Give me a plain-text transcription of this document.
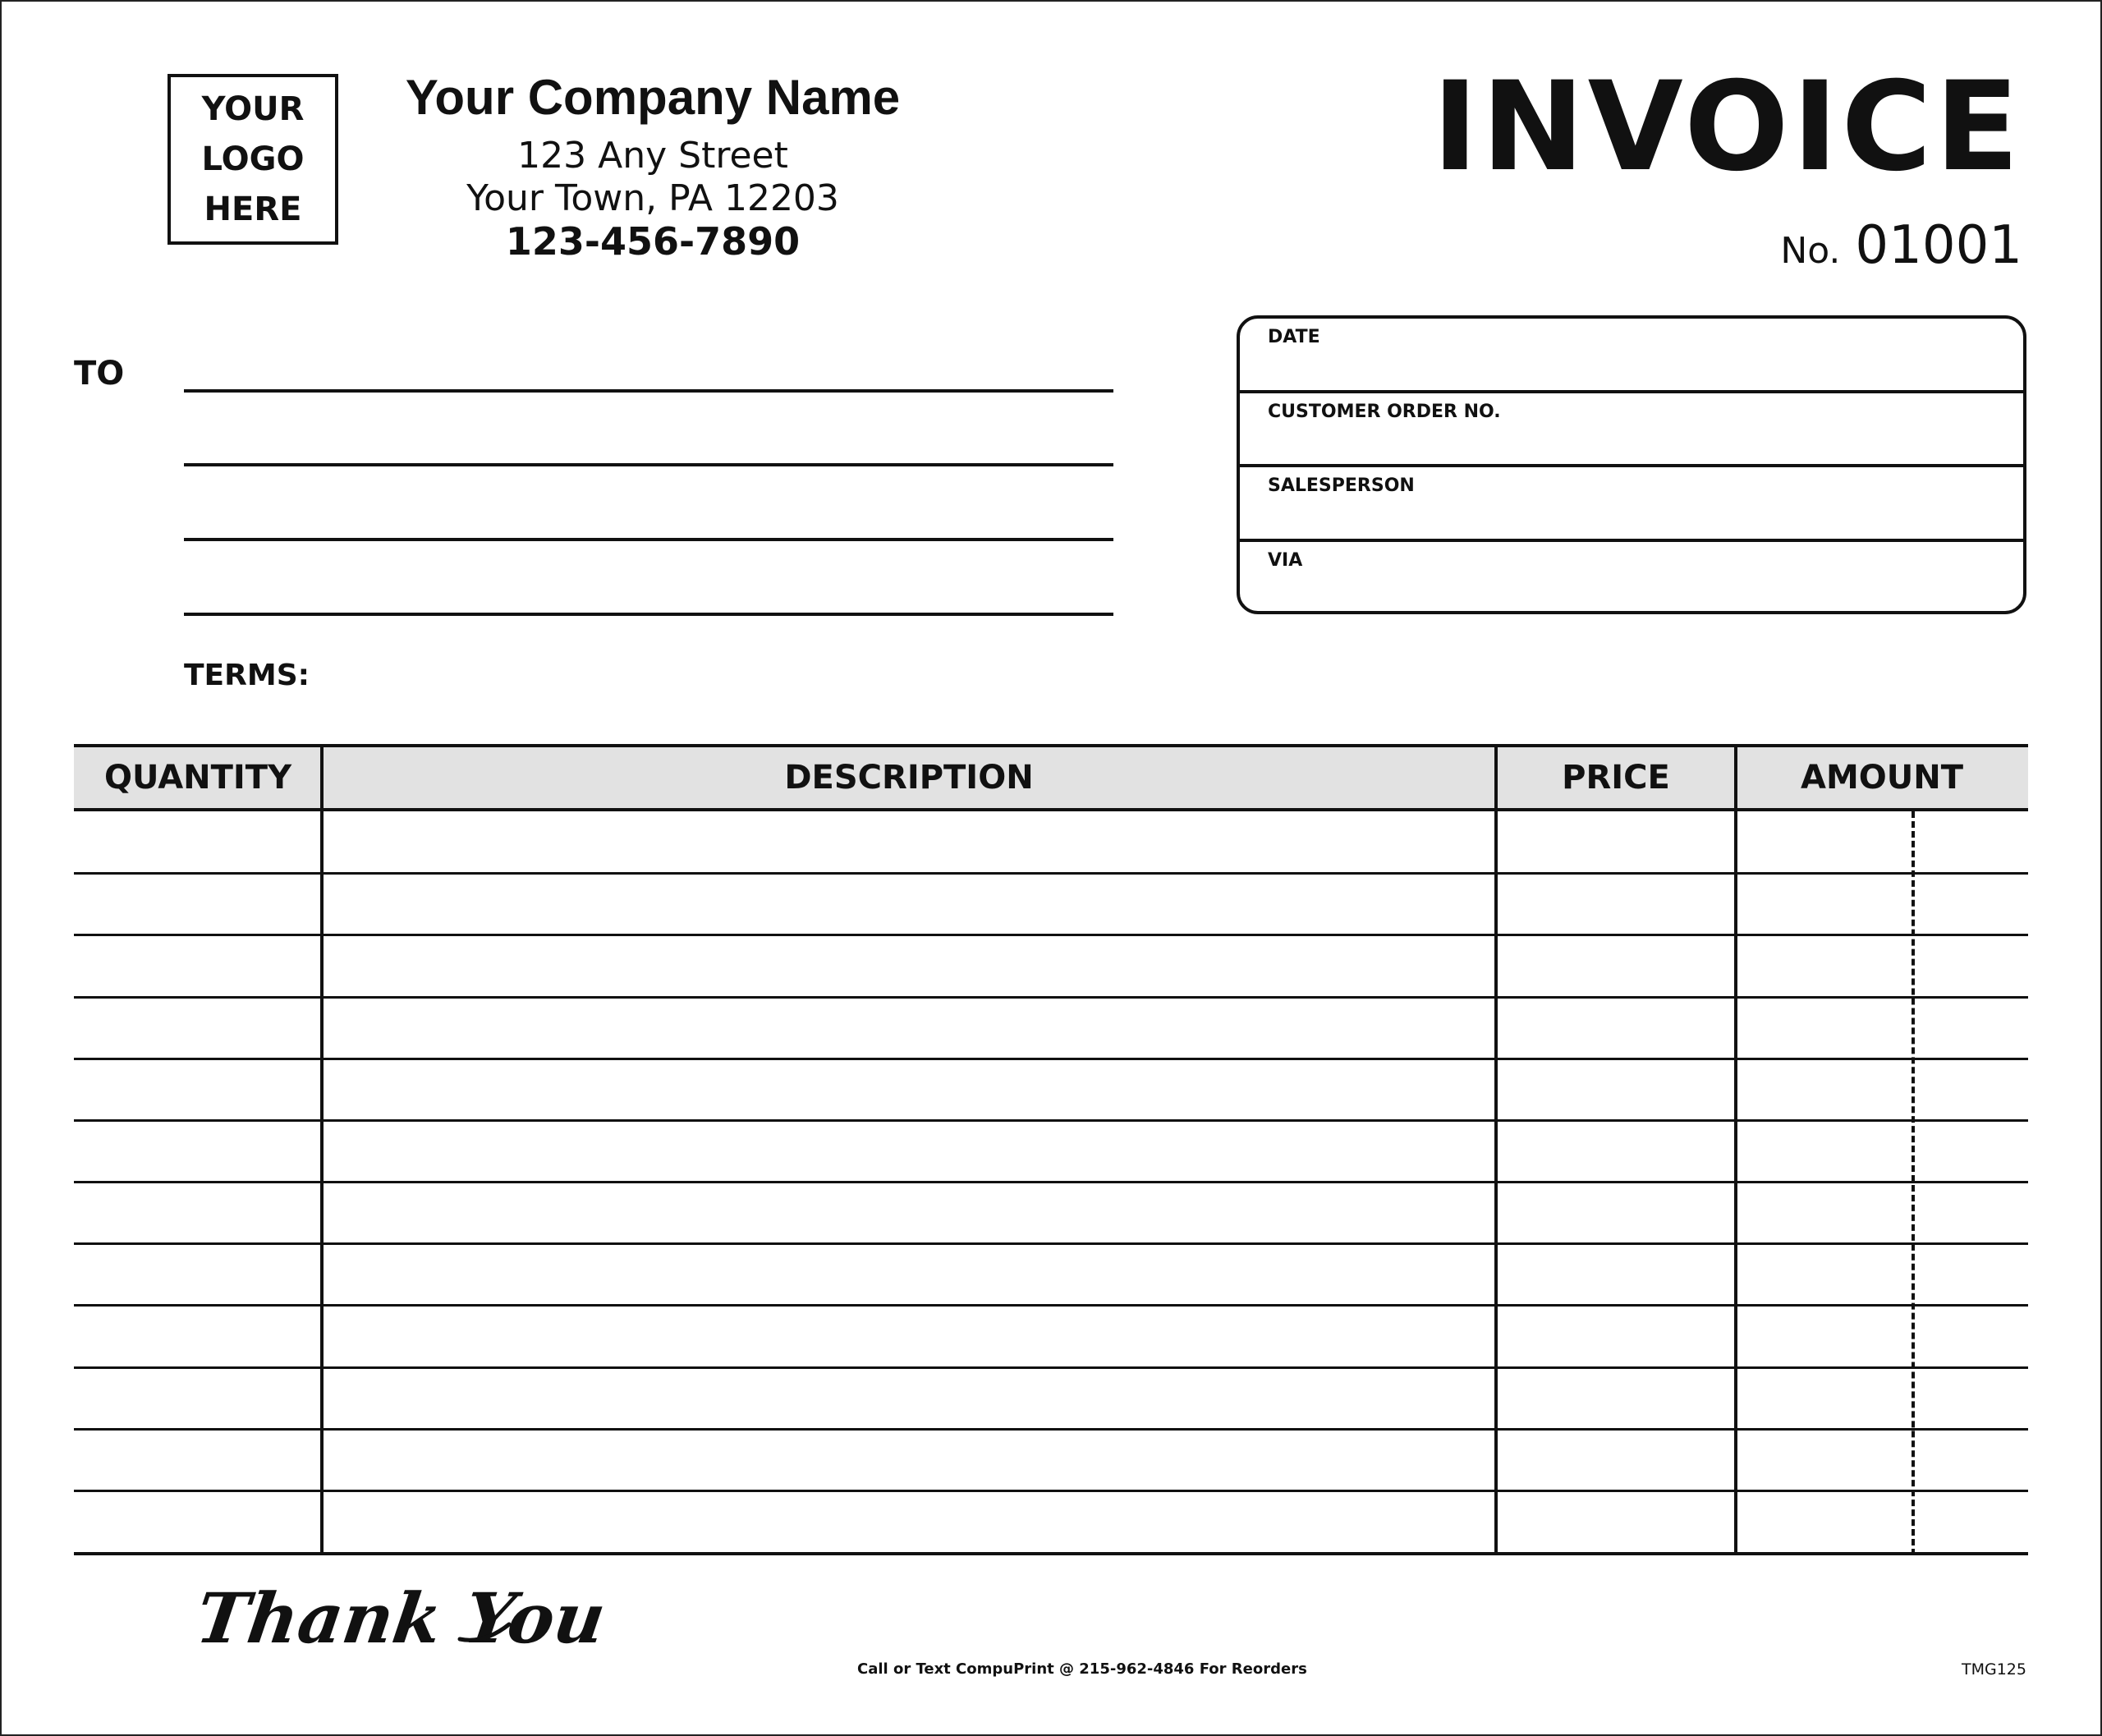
YOUR
LOGO
HERE
Your Company Name
123 Any Street
Your Town, PA 12203
123-456-7890
INVOICE
No. 01001
TO
TERMS:
DATE
CUSTOMER ORDER NO.
SALESPERSON
VIA
QUANTITY	DESCRIPTION	PRICE	AMOUNT
Thank You
Call or Text CompuPrint @ 215-962-4846 For Reorders	TMG125
